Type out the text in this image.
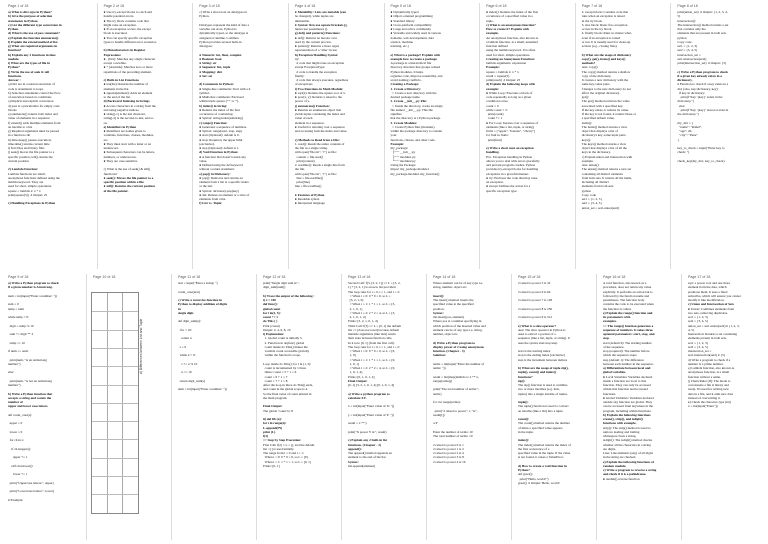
Page 1 of 18
a) What is dict-type in Python?
b) Give the purpose of selection
statements in Python.
c) List the different type conversion in
Python.
d) What is the use of pass statement?
e) Explain the function enumerate().
f) Explain the extend method of list.
g) What are required arguments in
function?
h) Explain any 2 functions in time
module.
i) What are the types of file in
Python?
j) Write the use of seek & tell
functions.
Answer :
a) Dict are in a natural execution of
code is statements to loops
b) Selection statements control the flow
of execution based on conditions
a) Implicit and explicit conversion
d) pass is a placeholder for empty code
blocks
e) enumerate() returns both index and
value of elements in a sequence
f) extend() adds multiple elements from
an iterable to a list
g) Required arguments must be passed
in a function call
h) time.sleep() pauses execution;
time.time() returns current time
i) Text files and binary files
j) seek() moves the file pointer to a
specific position; tell() returns the
current position
2) Lambda Function:
Lambda functions are small,
anonymous functions defined using the
lambda keyword. They are
used for short, simple operations.
square = lambda x: x * x
print(square(5))  # Output: 25
c) Handling Exceptions in Python
Page 2 of 18
● Use try-except blocks to catch and
handle potential errors.
● The try block contains code that
might raise an exception.
● If an exception occurs, the except
block is executed.
● You can specify specific exception
types to handle different error scenarios.
b) Metacharacters in Regular
Expressions:
● . (Dot): Matches any single character
except a newline.
● * (Asterisk): Matches zero or more
repetitions of the preceding element.
c) Built-in List Functions
● len(list): Returns the number of
elements in the list.
● append(element): Adds an element
to the end of the list.
d) Backward Indexing in Strings
● Access characters in a string from the
end using negative indices.
● string[-1] is the last character,
string[-2] is the second-to-last, and so
on.
e) Identifiers in Python
● Identifiers are names given to
variables, functions, classes, modules,
etc.
● They must start with a letter or an
underscore.
● Subsequent characters can be letters,
numbers, or underscores.
● They are case-sensitive.
c) What is the use of seek() & tell()
functions?
● seek(): Moves the file pointer to a
specific position within a file.
● tell(): Returns the current position
of the file pointer.
Page 3 of 18
c) Write a short note on datatypes in
Python.
Datatypes represent the kind of data a
variable can store. Python is
dynamically typed, so the datatype is
assigned at runtime. Common
Python provides several built-in
datatypes:
● Numeric: int, float, complex
● Boolean: bool
● String: str
● Sequence: list, tuple
● Mapping: dict
● Set: set
d) Comments in Python:
● Single-line comments: Start with a #
symbol.
● Multi-line comments: Enclosed
within triple quotes (""" or ''').
b) index() in String:
● Returns the index of the first
occurrence of a substring.
● Syntax: string.index(substring)
c) range() Function:
● Generates a sequence of numbers.
● Syntax: range(start, stop, step)
● start (Optional): default is 0.
● stop: Required, the upper limit
(exclusive).
● step (Optional): default is 1.
d) Void Function in Python:
● A function that doesn't return any
value.
● Defined using the def keyword
without a return statement.
e) pop() in Dictionary:
● pop(): Removes and returns an
element from a list at a specific index
or the last.
● Syntax: dictionary.pop(key)
● del: Deletes an element or a slice of
elements from a list.
f) List vs. Tuple:
Page 4 of 18
● Mutability: Lists are mutable (can
be changed), while tuples are
immutable.
● Syntax: lists use square brackets [],
tuples use parentheses ().
g) def() and pattern() Functions:
● def(): Returns an iterator over
used by the current process.
● pattern(): Returns a more regex
representation of a "ame" in use
h) Exception Handling Syntax:
try:
# code that might raise an exception
except ExceptionType:
# code to handle the exception
finally:
# code that always executes, regardless
of exceptions
i) Two Functions in Math Module:
● sqrt(x): Returns the square root of x.
● pow(x, y): Returns x raised to the
power of y.
j) enumerate() Function:
● Returns an enumerate object that
yields tuples containing the index and
value of each
element in a sequence.
● Useful for iterating over a sequence
and accessing both the index and value.
c) Methods to Read from a File:
1. read(): Reads the entire contents of
the file as a single string.
with open("file.txt", "r") as file:
content = file.read()
print(content)
2. readline(): Reads a single line from
the file.
with open("file.txt", "r") as file:
line = file.readline()
print(line)
line = file.readline()
● Features of Python
● Readable syntax
● Interpreted language
Page 5 of 18
● Dynamically typed
● Object-oriented programming
● Standard library
● Cross-platform compatibility
● Large and active community
● Versatile and widely used in various
domains, web development, data
science, machine
learning, etc.)
e) What is a package? Explain with
example how to create a package.
A package is a hierarchical file
directory structure that groups related
Python modules. It helps
organize code, improve reusability, and
avoid naming conflicts.
Creating a Package:
1. Create a Directory:
○ Create a new directory with the
desired package name.
2. Create __init__.py File:
○ Inside the directory, create an empty
file named __init__.py. This file
signifies
that the directory is a Python package.
3. Create Modules:
○ Create Python files (modules)
within the package directory to contain
your
functions, classes, and other code.
Example:
my_package/
├── __init__.py
├── module1.py
└── module2.py
Using the Package:
import my_package.module1
my_package.module1.my_function()
Page 6 of 18
● index(): Returns the index of the first
occurrence of a specified value in a
tuple.
c) What is an anonymous function?
How to create it? Explain with
example.
An anonymous function, also known as
a lambda function, is a small, unnamed
function defined
using the lambda keyword. It is often
used for short, simple operations.
Creating an Anonymous Function:
lambda arguments: expression
Example:
square = lambda x: x * x
result = square(5)
print(result)  # Output: 25
d) Explain the following loops with
example:
● While Loop: Executes a block of
code repeatedly as long as a given
condition is true.
count = 0
while count < 5:
print(count)
count += 1
● For Loop: Iterates over a sequence of
elements (like a list, tuple, or string)
fruits = ["apple", "banana", "cherry"]
for fruit in fruits:
print(fruit)
e) Write a short note on exception
handling.
Exc. Exception handling in Python
allows you to deal with errors gracefully
and prevent program crashes. Python
provides try-except blocks for handling
exceptions in a graceful manner.
● try: Encloses the code that may raise
an exception.
● except: Defines the action for a
specific exception type.
Page 7 of 18
2. except block: Contains code that
runs when an exception is raised
in the try block.
3. else block: Runs if no exception
occurs in the try block.
4. finally block: Runs no matter what,
even if an exception is raised
or not. It is usually used for clean-up
actions (e.g., closing files).
b) What are the usage of dictionary
copy(), get(), items() and keys()
methods?
Ans: copy():
The copy() method returns a shallow
copy of the dictionary.
It creates a new dictionary with the
same key-value pairs.
Changes to the new dictionary do not
affect the original dictionary.
get():
The get() method retrieves the value
associated with a specified key.
If the key exists, it returns its value.
If the key is not found, it returns None or
a specified default value.
items():
The items() method returns a view
object that displays a list of
dictionary's key-value tuple pairs.
keys():
The keys() method returns a view
object that displays a list of all the
keys in the dictionary.
c) Explain union and intersection with
example.
Ans: union():
The union() method returns a new set
containing all distinct elements
from both sets. It returns all the items,
including all distinct
elements from both sets.
python
Copy code
set1 = {1, 2, 3}
set2 = {3, 4, 5}
union_set = set1.union(set2)
Page 8 of 18
print(union_set)  # Output: {1, 2, 3, 4,
5}
intersection():
The intersection() method returns a set
that contains only the
elements that are present in both sets
python
Copy code
set1 = {1, 2, 3}
set2 = {3, 4, 5}
intersection_set =
set1.intersection(set2)
print(intersection_set)  # Output: {3}
c) Write a Python program to check
if a given key already exists in a
dictionary.
# Function to check if a key exists in a
dict (also, key:dictionary, key):
if key in dictionary:
print(f"Key '{key}' exists in the
dictionary.")
else:
print(f"Key '{key}' does not exist in
the dictionary.")
my_dict = {
"name": "Rahul",
"age": 20,
"city": "Pune"
}
key_to_check = input("Enter key to
check: ")
check_key(my_dict, key_to_check)
Page 9 of 18
a) Write a Python program to check
if a given number is Armstrong.
num = int(input("Enter a number: "))
sum = 0
temp = num
while temp > 0:
digit = temp % 10
sum += digit ** 3
temp //= 10
if num == sum:
print(num, "is an Armstrong
number")
else:
print(num, "is not an Armstrong
number")
b) Write a Python function that
accepts a string and counts the
number of
upper and lower case letters.
def count_case(s):
upper = 0
lower = 0
for ch in s:
if ch.isupper():
upper += 1
elif ch.islower():
lower += 1
print("Uppercase letters:", upper)
print("Lowercase letters:", lower)
# Example:
Page 10 of 18
d) Differences between List and Tuple
Page 11 of 18
text = input("Enter a string: ")
count_case(text)
c) Write a recursive function in
Python to display addition of digits
in
single digit.
def digit_sum(n):
if n < 10:
return n
s = 0
while n > 0:
s += n % 10
n //= 10
return digit_sum(s)
num = int(input("Enter a number: "))
Page 12 of 18
print("Single digit sum is:",
digit_sum(num))
b) Trace the output of the following :
i) x = 100
def func():
global count
for i in(1, 5):
count += 1
do This ( )
Print (count)
Output: 2, 4, 6, 8, 10
i) Explanation:
1. Global count is initially 5.
2. Function in do(func) global
count inside do This() makes the
variable count accessible globally
within the function's scope.
Loop inside do This(): for i in (1, 5):
count is incremented by 1 three
times: count = 5 + 1 = 6
count = 6 + 1 = 7
count = 7 + 1 = 8
After the loop in three do This() ends,
and count in the global scope is 4.
So the final value of count printed in
the main program.
Final Output:
The global 'count' is: 8
ii) def fib (n):
for i in range(n):
L.append(i*i)
print (L)
f(3)
=> Step by Step Execution:
First Call: f(2) = L = [], and the default
list = [] is used initially.
The range from i = 0 and i = 1:
When i = 0: 0 * 0 = 0, so L = [0]
When i = 1: 1 * 1 = 1, so L = [0, 1]
Prints: [0, 1]
Page 13 of 18
Second Call: f(3, [3, 2, 1]) => L = [3, 2,
1] + [3, 2, 1] is an new list provided.
The loop runs for i = 0, i = 1, and i = 2:
○ When i = 0: 0 * 0 = 0, so L =
[3, 2, 1, 0]
○ When i = 1: 1 * 1 = 1, so L = [3,
2, 1, 0, 1]
○ When i = 2: 2 * 2 = 4, so L = [3,
2, 1, 0, 1, 4]
Prints: [3, 2, 1, 0, 1, 4]
Third Call: f(3) => L = [0, 1] the default
list => [does not reset] because default
mutable arguments (like lists) retain
their state between function calls.
In it now [0, 1] (from the first call).
The loop runs for i = 0, i = 1, and i = 2:
○ When i = 0: 0 * 0 = 0, so L = [0,
1, 0]
○ When i = 1: 1 * 1 = 1, so L = [0,
1, 0, 1]
○ When i = 2: 2 * 2 = 4, so L = [0,
1, 0, 1, 4]
Prints: [0, 1, 0, 1, 4]
Final Output:
[0, 1] [3, 2, 1, 0, 1, 4] [0, 1, 0, 1, 4]
a) Write a python program to
calculate XY.
x = int(input("Enter value of X: "))
y = int(input("Enter value of Y: "))
result = x ** y
print("X power Y is:", result)
c) Explain any 2 built-in list
functions. (Chapter - 3)
append():
The append() method appends an
element to the end of the list.
Syntax:
list.append(element)
Page 14 of 18
Where element can be of any type i.e.
string, number, object etc.
insert():
The insert() method inserts the
specified value at the specified
position.
Syntax:
list.insert(pos, element)
Where pos is a number specifying in
which position of the inserted value and
element can be of any type i.e. string,
number, object etc.
d) Write a Python program to
display power of 2 using anonymous
function. (Chapter - 3)
Solution:
terms = int(input("Enter the number of
terms: "))
result = list(map(lambda x: 2 ** x,
range(terms)))
print("The total number of terms:",
terms)
for i in range(terms):
print("2 raised to power", i, "is",
result[i])
o/P
Enter the number of terms: 10
The total number of terms: 10
2 raised to power 0 is 1
2 raised to power 1 is 2
2 raised to power 2 is 4
2 raised to power 3 is 8
2 raised to power 4 is 16
Page 15 of 18
2 raised to power 5 is 32
2 raised to power 6 is 64
2 raised to power 7 is 128
2 raised to power 8 is 256
2 raised to power 9 is 512
e) What is a slice operator?
Ans: The slice operator in Python is
used to extract a portion of a
sequence (like a list, tuple, or string). It
uses the syntax start:stop:step.
start is the starting index
stop is the ending index (exclusive)
step is the increment between indices
b) What are the usage of tuple zip(),
tuple(), count() and index()
functions?
zip():
The zip() function is used to combine
two or more iterables (e.g. lists,
tuples) into a single iterable of tuples.
tuple():
The tuple() function is used to convert
an iterable (like a list) into a tuple.
count():
The count() method returns the number
of times a specified value appears
in the tuple.
index():
The index() method returns the index of
the first occurrence of a
specified value in the tuple. If the value
is not found, it raises a ValueError.
d) How to create a void function in
Python?
def greet():
print("Hello, world!")
greet()  # Output: Hello, world!
Page 16 of 18
A void function, also known as a
procedure, does not return any value
explicitly. It performs an action but is
followed by the function name and
parentheses. The function body
contains the code to be executed when
the function is called.
e) Explain the range() function and
its parameters with
examples.
=> The range() function generates a
sequence of numbers. It takes three
optional parameters: start, stop, and
step.
start (default 0): The starting number
of the sequence.
stop (required): The number before
which the sequence stops.
step (default 1): The difference
between each number in the sequence.
a) Differentiate between local and
global variables.
● Local Variables: Variables declared
inside a function are local to that
function. They can only be accessed
within that function and its nested
functions.
● Global Variables: Variables declared
outside any function are global. They
can be accessed from anywhere in the
program, including within functions.
b) Explain the following functions
create(), strip(), and isdigit()
functions with example.
strip(): The strip() method is used to
remove leading and trailing
whitespace from a string.
isdigit(): The isdigit() method checks
whether all the characters in a string
are digits.
Line: Line elements (any) of all digits
in the string are checked.
e) Explain the following functions of
random module.
c) Write a program to reverse a string
and check if it is a palindrome.
● randint() reverse function
Page 17 of 18
sqrt: a power root and one more
element from the data, which
positions them. It uses a fixed
subscribe, which will ensure you cannot
modify it like modification.
c) Union and Intersection of Sets
● Union: Combines elements from
two sets, removing duplicates.
set1 = {1, 2, 3}
set2 = {3, 4, 5}
union_set = set1.union(set2) # {1, 2, 3,
4, 5}
Intersection: Returns a set containing
elements present in both sets.
set1 = {1, 2, 3}
set2 = {3, 4, 5}
intersection_set =
set1.intersection(set2) # {3}
d) Write a program to check if a
number is a prime number.
e) Lambda function, also known as
anonymous function, is a small
function without a name.
j) Chain Ruler (If): The mode to
concatenate a file is binary and
ready. It's used for writing new
data in a file, and it adds new data
instead of overwriting it.
k) Check the character type (int)
x = int(input("Enter"))
